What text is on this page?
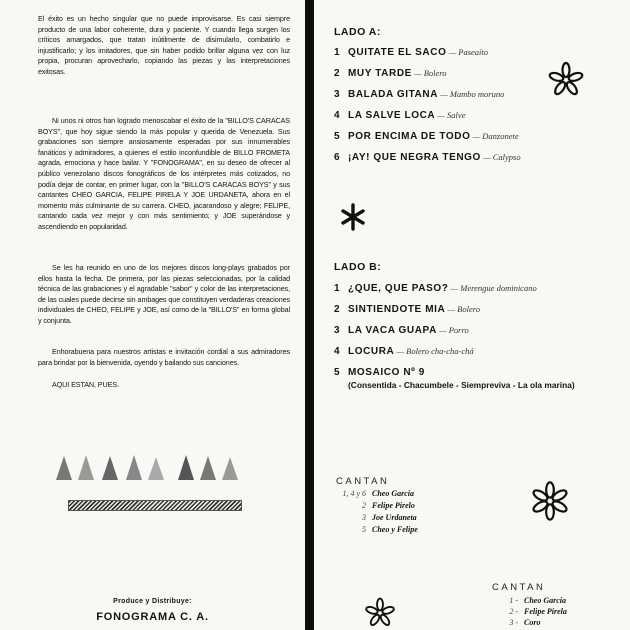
El éxito es un hecho singular que no puede improvisarse. Es casi siempre producto de una labor coherente, dura y paciente. Y cuando llega surgen los críticos amargados, que tratan inútilmente de disimularlo, combatirlo e injustificarlo; y los imitadores, que sin haber podido brillar alguna vez con luz propia, procuran aprovecharlo, copiando las piezas y las interpretaciones exitosas.

Ni unos ni otros han logrado menoscabar el éxito de la "BILLO'S CARACAS BOYS", que hoy sigue siendo la más popular y querida de Venezuela. Sus grabaciones son siempre ansiosamente esperadas por sus innumerables fanáticos y admiradores, a quienes el estilo inconfundible de BILLO FROMETA agrada, emociona y hace bailar. Y "FONOGRAMA", en su deseo de ofrecer al público venezolano discos fonográficos de los intérpretes más cotizados, no podía dejar de contar, en primer lugar, con la "BILLO'S CARACAS BOYS" y sus cantantes CHEO GARCIA, FELIPE PIRELA Y JOE URDANETA, ahora en el momento más culminante de su carrera. CHEO, jacarandoso y alegre; FELIPE, cantando cada vez mejor y con más sentimiento; y JOE superándose y ascendiendo en popularidad.

Se les ha reunido en uno de los mejores discos long-plays grabados por ellos hasta la fecha. De primera, por las piezas seleccionadas, por la calidad técnica de las grabaciones y el agradable "sabor" y color de las interpretaciones, de las cuales puede decirse sin ambages que constituyen verdaderas creaciones individuales de CHEO, FELIPE y JOE, así como de la "BILLO'S" en forma global y conjunta.

Enhorabuena para nuestros artistas e invitación cordial a sus admiradores para brindar por la bienvenida, oyendo y bailando sus canciones.

AQUI ESTAN, PUES.

Produce y Distribuye:
FONOGRAMA C. A.
LADO A:
1 QUITATE EL SACO — Paseaíto
2 MUY TARDE — Bolero
3 BALADA GITANA — Mambo moruno
4 LA SALVE LOCA — Salve
5 POR ENCIMA DE TODO — Danzonete
6 ¡AY! QUE NEGRA TENGO — Calypso
LADO B:
1 ¿QUE, QUE PASO? — Merengue dominicano
2 SINTIENDOTE MIA — Bolero
3 LA VACA GUAPA — Porro
4 LOCURA — Bolero cha-cha-chá
5 MOSAICO Nº 9
(Consentida - Chacumbele - Siempreviva - La ola marina)
CANTAN
1, 4 y 6 Cheo Garcia
2 Felipe Pirelo
3 Joe Urdaneta
5 Cheo y Felipe
CANTAN
1 - Cheo Garcia
2 - Felipe Pirela
3 - Coro
